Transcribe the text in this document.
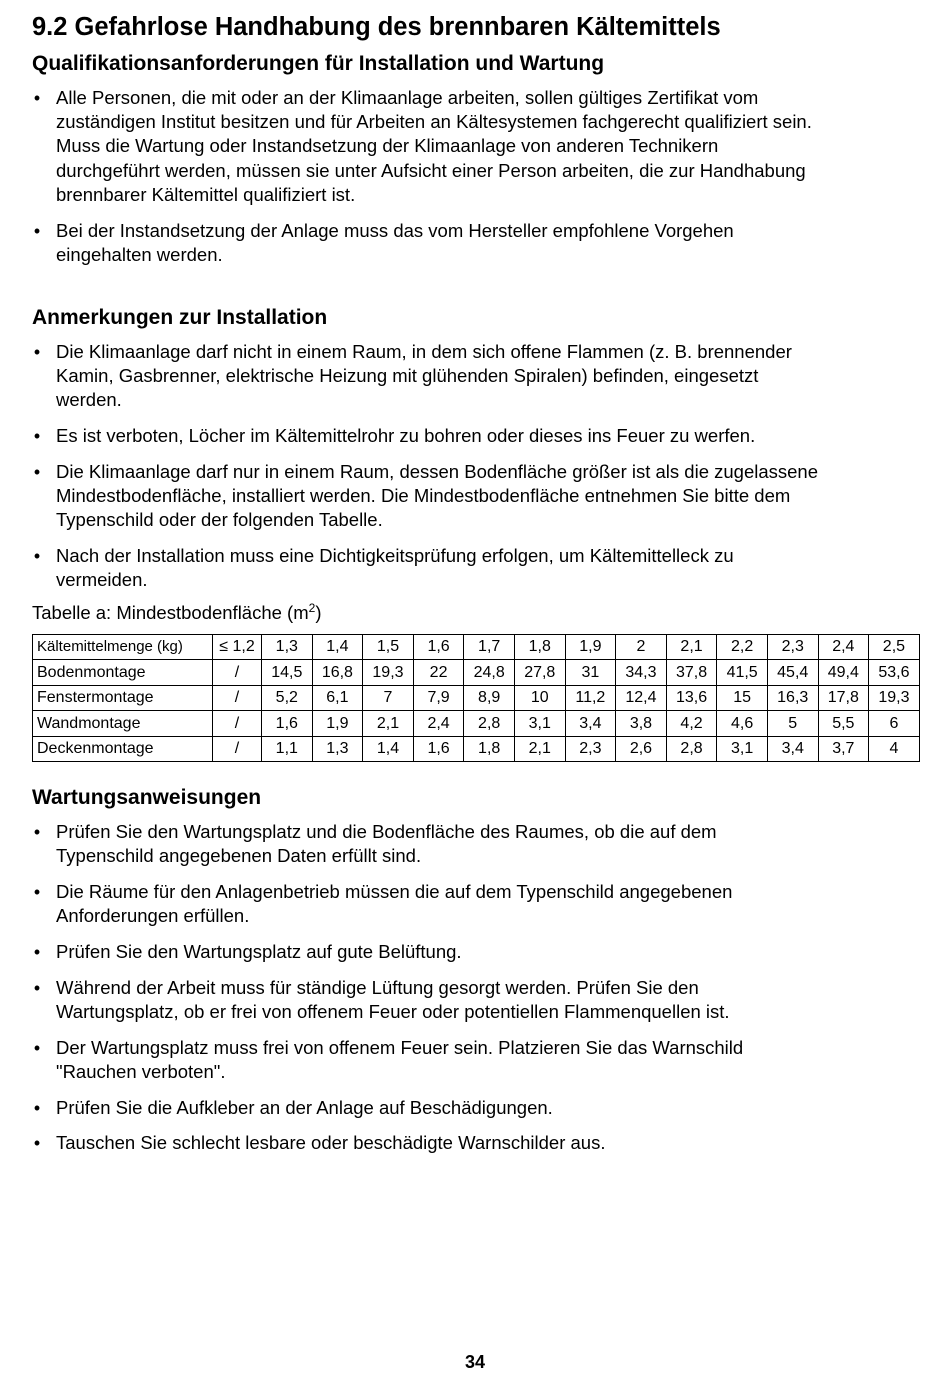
9.2 Gefahrlose Handhabung des brennbaren Kältemittels
Qualifikationsanforderungen für Installation und Wartung
• Alle Personen, die mit oder an der Klimaanlage arbeiten, sollen gültiges Zertifikat vom
zuständigen Institut besitzen und für Arbeiten an Kältesystemen fachgerecht qualifiziert sein.
Muss die Wartung oder Instandsetzung der Klimaanlage von anderen Technikern
durchgeführt werden, müssen sie unter Aufsicht einer Person arbeiten, die zur Handhabung
brennbarer Kältemittel qualifiziert ist.
• Bei der Instandsetzung der Anlage muss das vom Hersteller empfohlene Vorgehen
eingehalten werden.
Anmerkungen zur Installation
• Die Klimaanlage darf nicht in einem Raum, in dem sich offene Flammen (z. B. brennender
Kamin, Gasbrenner, elektrische Heizung mit glühenden Spiralen) befinden, eingesetzt
werden.
• Es ist verboten, Löcher im Kältemittelrohr zu bohren oder dieses ins Feuer zu werfen.
• Die Klimaanlage darf nur in einem Raum, dessen Bodenfläche größer ist als die zugelassene
Mindestbodenfläche, installiert werden. Die Mindestbodenfläche entnehmen Sie bitte dem
Typenschild oder der folgenden Tabelle.
• Nach der Installation muss eine Dichtigkeitsprüfung erfolgen, um Kältemittelleck zu
vermeiden.
Tabelle a: Mindestbodenfläche $(m^2)$
Kältemittelmenge (kg)	≤ 1,2	1,3	1,4	1,5	1,6	1,7	1,8	1,9	2	2,1	2,2	2,3	2,4	2,5
Bodenmontage	/	14,5	16,8	19,3	22	24,8	27,8	31	34,3	37,8	41,5	45,4	49,4	53,6
Fenstermontage	/	5,2	6,1	7	7,9	8,9	10	11,2	12,4	13,6	15	16,3	17,8	19,3
Wandmontage	/	1,6	1,9	2,1	2,4	2,8	3,1	3,4	3,8	4,2	4,6	5	5,5	6
Deckenmontage	/	1,1	1,3	1,4	1,6	1,8	2,1	2,3	2,6	2,8	3,1	3,4	3,7	4
Wartungsanweisungen
• Prüfen Sie den Wartungsplatz und die Bodenfläche des Raumes, ob die auf dem
Typenschild angegebenen Daten erfüllt sind.
• Die Räume für den Anlagenbetrieb müssen die auf dem Typenschild angegebenen
Anforderungen erfüllen.
• Prüfen Sie den Wartungsplatz auf gute Belüftung.
• Während der Arbeit muss für ständige Lüftung gesorgt werden. Prüfen Sie den
Wartungsplatz, ob er frei von offenem Feuer oder potentiellen Flammenquellen ist.
• Der Wartungsplatz muss frei von offenem Feuer sein. Platzieren Sie das Warnschild
"Rauchen verboten".
• Prüfen Sie die Aufkleber an der Anlage auf Beschädigungen.
• Tauschen Sie schlecht lesbare oder beschädigte Warnschilder aus.
34
